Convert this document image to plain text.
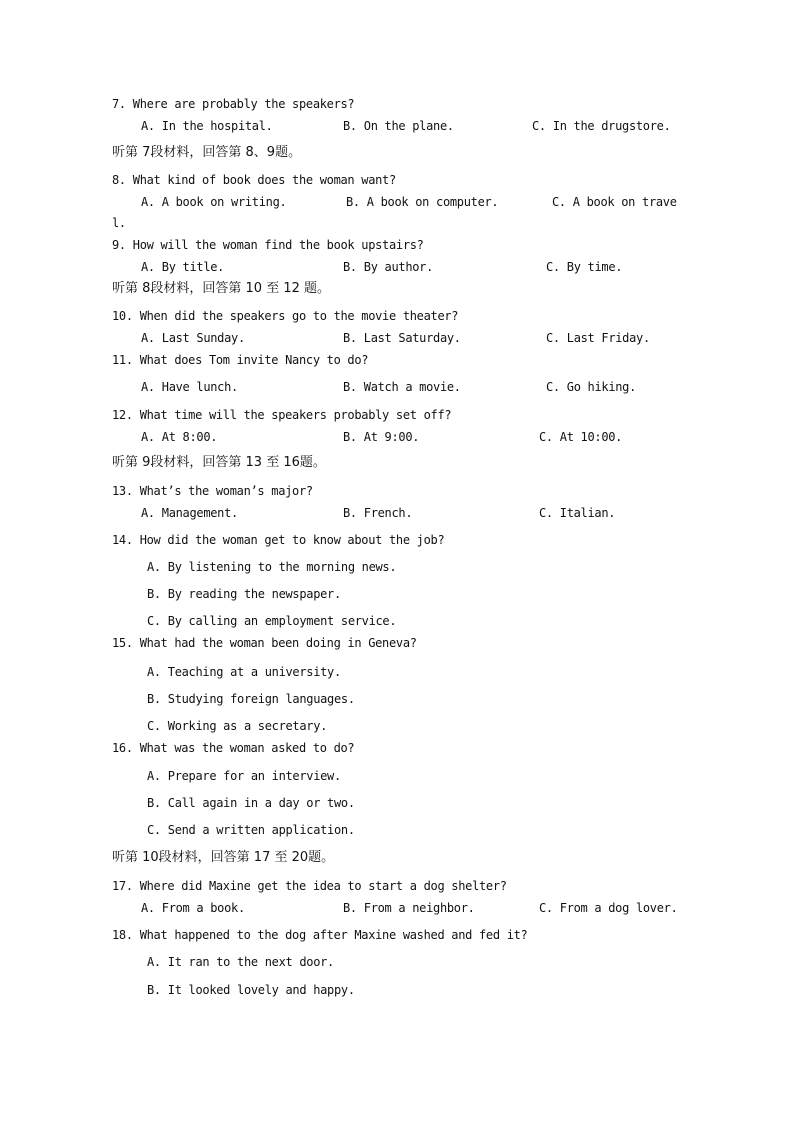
7. Where are probably the speakers?
A. In the hospital.	B. On the plane.	C. In the drugstore.
听第 7段材料，回答第 8、9题。
8. What kind of book does the woman want?
A. A book on writing.	B. A book on computer.	C. A book on trave
l.
9. How will the woman find the book upstairs?
A. By title.	B. By author.	C. By time.
听第 8段材料，回答第 10 至 12 题。
10. When did the speakers go to the movie theater?
A. Last Sunday.	B. Last Saturday.	C. Last Friday.
11. What does Tom invite Nancy to do?
A. Have lunch.	B. Watch a movie.	C. Go hiking.
12. What time will the speakers probably set off?
A. At 8:00.	B. At 9:00.	C. At 10:00.
听第 9段材料，回答第 13 至 16题。
13. What’s the woman’s major?
A. Management.	B. French.	C. Italian.
14. How did the woman get to know about the job?
A. By listening to the morning news.
B. By reading the newspaper.
C. By calling an employment service.
15. What had the woman been doing in Geneva?
A. Teaching at a university.
B. Studying foreign languages.
C. Working as a secretary.
16. What was the woman asked to do?
A. Prepare for an interview.
B. Call again in a day or two.
C. Send a written application.
听第 10段材料，回答第 17 至 20题。
17. Where did Maxine get the idea to start a dog shelter?
A. From a book.	B. From a neighbor.	C. From a dog lover.
18. What happened to the dog after Maxine washed and fed it?
A. It ran to the next door.
B. It looked lovely and happy.
